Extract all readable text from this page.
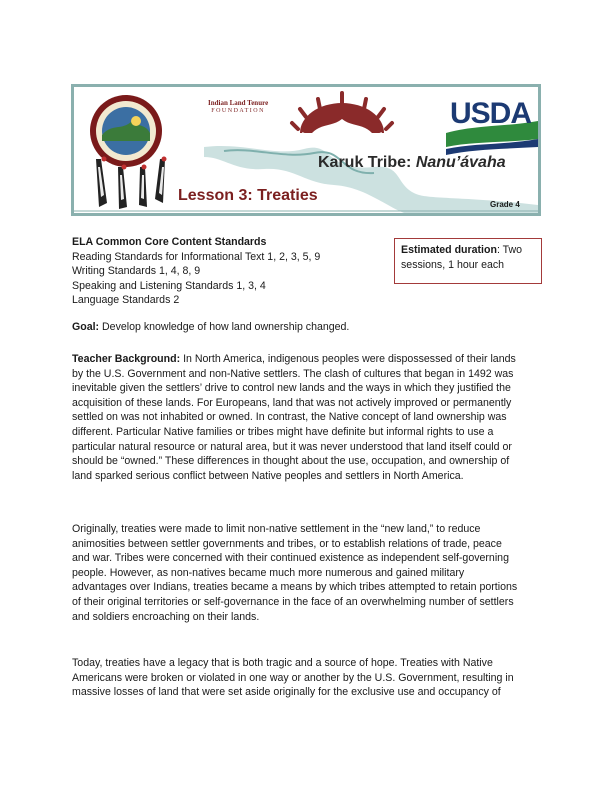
Indian Land Tenure
FOUNDATION	USDA
Karuk Tribe: Nanu’ávaha
Lesson 3: Treaties
Grade 4
ELA Common Core Content Standards
Reading Standards for Informational Text 1, 2, 3, 5, 9
Writing Standards 1, 4, 8, 9
Speaking and Listening Standards 1, 3, 4
Language Standards 2
Estimated duration: Two sessions, 1 hour each
Goal: Develop knowledge of how land ownership changed.
Teacher Background: In North America, indigenous peoples were dispossessed of their lands
by the U.S. Government and non-Native settlers. The clash of cultures that began in 1492 was
inevitable given the settlers’ drive to control new lands and the ways in which they justified the
acquisition of these lands. For Europeans, land that was not actively improved or permanently
settled on was not inhabited or owned. In contrast, the Native concept of land ownership was
different. Particular Native families or tribes might have definite but informal rights to use a
particular natural resource or natural area, but it was never understood that land itself could or
should be “owned.” These differences in thought about the use, occupation, and ownership of
land sparked serious conflict between Native peoples and settlers in North America.
Originally, treaties were made to limit non-native settlement in the “new land,” to reduce
animosities between settler governments and tribes, or to establish relations of trade, peace
and war. Tribes were concerned with their continued existence as independent self-governing
people. However, as non-natives became much more numerous and gained military
advantages over Indians, treaties became a means by which tribes attempted to retain portions
of their original territories or self-governance in the face of an overwhelming number of settlers
and soldiers encroaching on their lands.
Today, treaties have a legacy that is both tragic and a source of hope. Treaties with Native
Americans were broken or violated in one way or another by the U.S. Government, resulting in
massive losses of land that were set aside originally for the exclusive use and occupancy of
